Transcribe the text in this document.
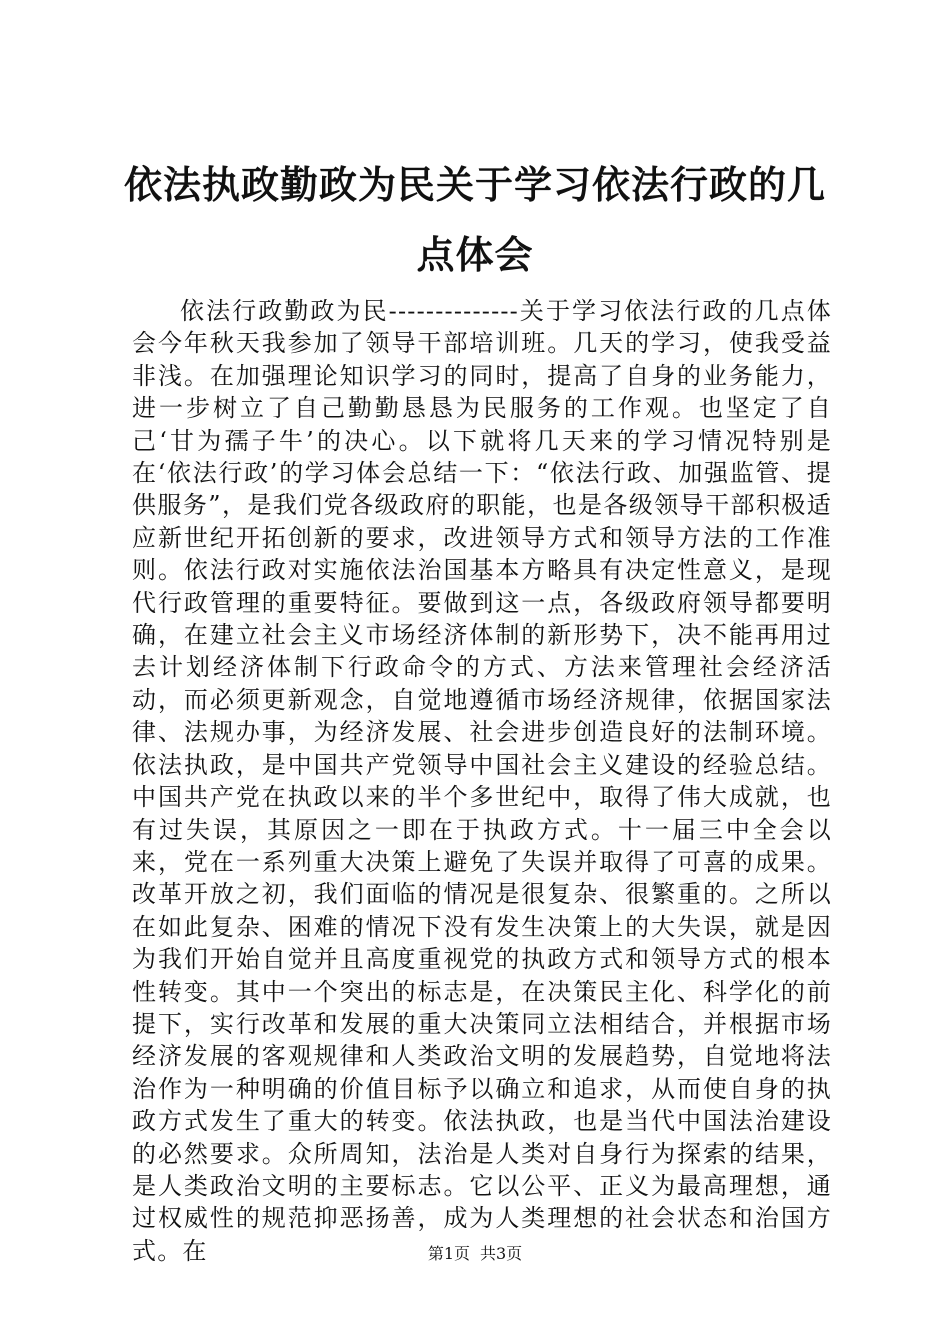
依法执政勤政为民关于学习依法行政的几点体会

依法行政勤政为民--------------关于学习依法行政的几点体会今年秋天我参加了领导干部培训班。几天的学习，使我受益非浅。在加强理论知识学习的同时，提高了自身的业务能力，进一步树立了自己勤勤恳恳为民服务的工作观。也坚定了自己‘甘为孺子牛’的决心。以下就将几天来的学习情况特别是在‘依法行政’的学习体会总结一下：“依法行政、加强监管、提供服务”，是我们党各级政府的职能，也是各级领导干部积极适应新世纪开拓创新的要求，改进领导方式和领导方法的工作准则。依法行政对实施依法治国基本方略具有决定性意义，是现代行政管理的重要特征。要做到这一点，各级政府领导都要明确，在建立社会主义市场经济体制的新形势下，决不能再用过去计划经济体制下行政命令的方式、方法来管理社会经济活动，而必须更新观念，自觉地遵循市场经济规律，依据国家法律、法规办事，为经济发展、社会进步创造良好的法制环境。依法执政，是中国共产党领导中国社会主义建设的经验总结。中国共产党在执政以来的半个多世纪中，取得了伟大成就，也有过失误，其原因之一即在于执政方式。十一届三中全会以来，党在一系列重大决策上避免了失误并取得了可喜的成果。改革开放之初，我们面临的情况是很复杂、很繁重的。之所以在如此复杂、困难的情况下没有发生决策上的大失误，就是因为我们开始自觉并且高度重视党的执政方式和领导方式的根本性转变。其中一个突出的标志是，在决策民主化、科学化的前提下，实行改革和发展的重大决策同立法相结合，并根据市场经济发展的客观规律和人类政治文明的发展趋势，自觉地将法治作为一种明确的价值目标予以确立和追求，从而使自身的执政方式发生了重大的转变。依法执政，也是当代中国法治建设的必然要求。众所周知，法治是人类对自身行为探索的结果，是人类政治文明的主要标志。它以公平、正义为最高理想，通过权威性的规范抑恶扬善，成为人类理想的社会状态和治国方式。在	第1页 共3页
